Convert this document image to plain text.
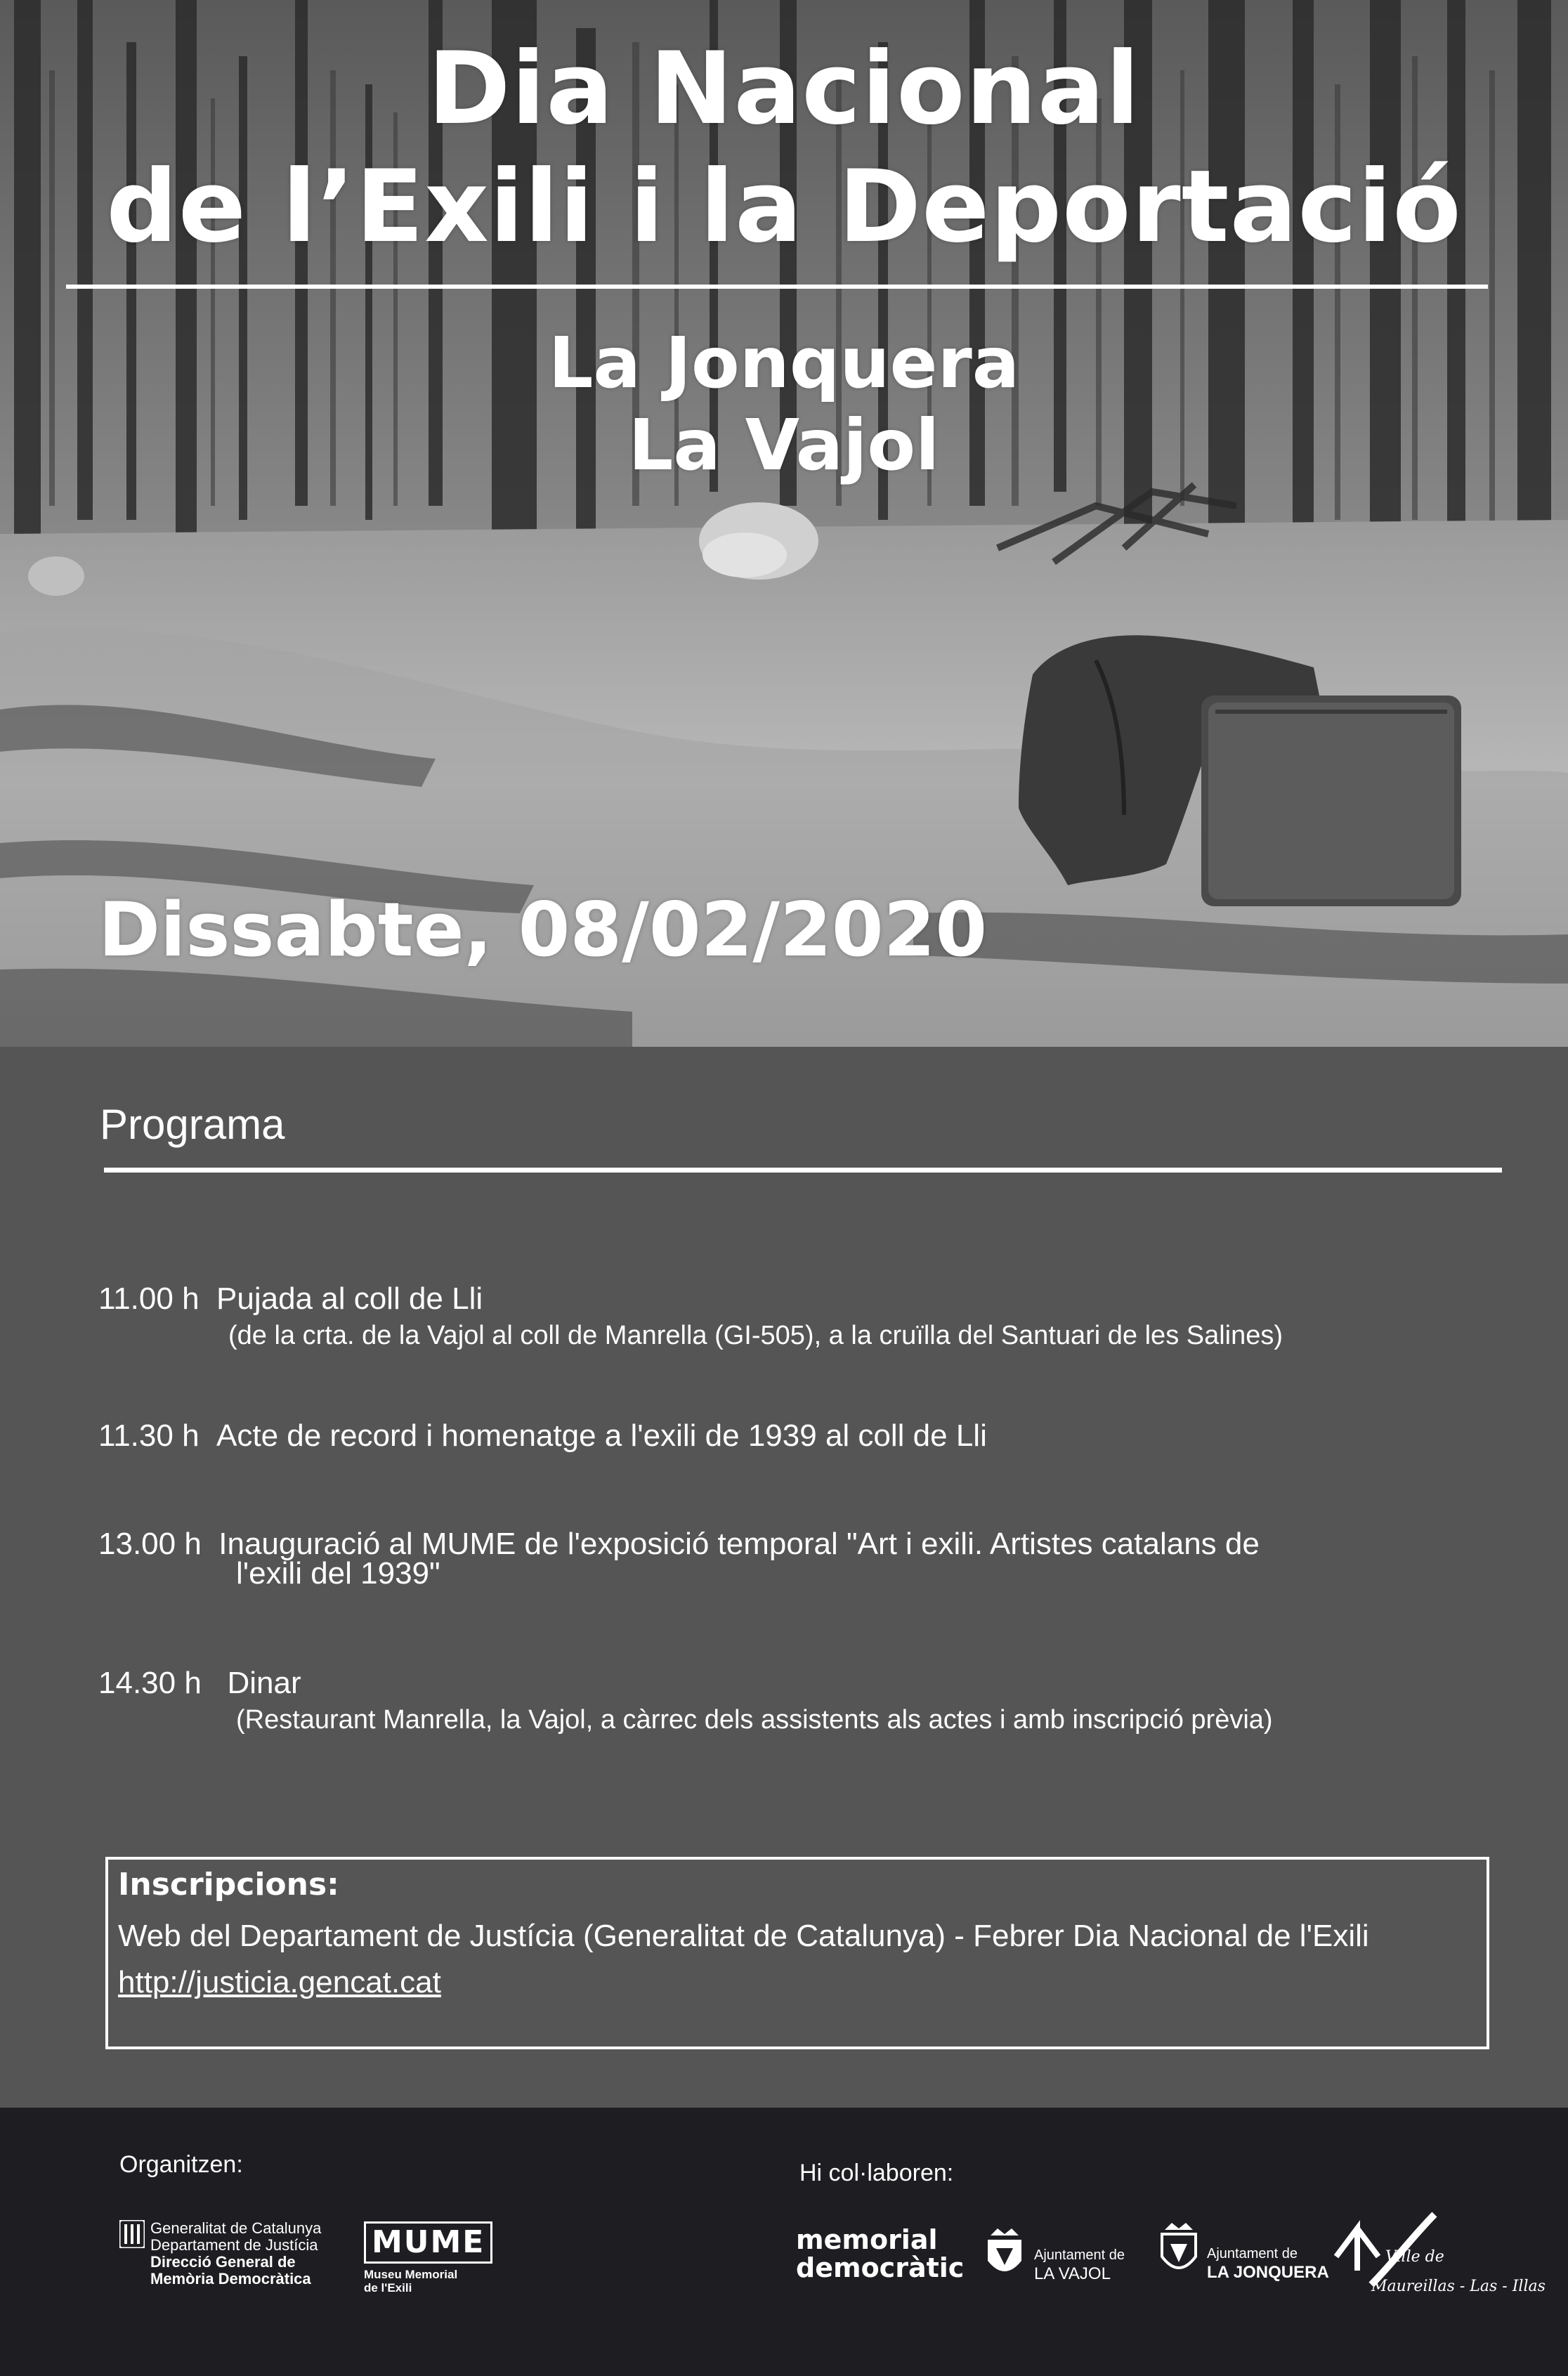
Dia Nacional
de l’Exili i la Deportació
La Jonquera
La Vajol
Dissabte, 08/02/2020
Programa
11.00 h Pujada al coll de Lli
(de la crta. de la Vajol al coll de Manrella (GI-505), a la cruïlla del Santuari de les Salines)
11.30 h Acte de record i homenatge a l'exili de 1939 al coll de Lli
13.00 h Inauguració al MUME de l'exposició temporal "Art i exili. Artistes catalans de
l'exili del 1939"
14.30 h Dinar
(Restaurant Manrella, la Vajol, a càrrec dels assistents als actes i amb inscripció prèvia)
Inscripcions:
Web del Departament de Justícia (Generalitat de Catalunya) - Febrer Dia Nacional de l'Exili
http://justicia.gencat.cat
Organitzen:	Hi col·laboren:
Generalitat de Catalunya
Departament de Justícia
Direcció General de
Memòria Democràtica
MUME
Museu Memorial
de l'Exili
memorial
democràtic	Ajuntament de
LA VAJOL
Ajuntament de
LA JONQUERA
Ville de
Maureillas - Las - Illas
